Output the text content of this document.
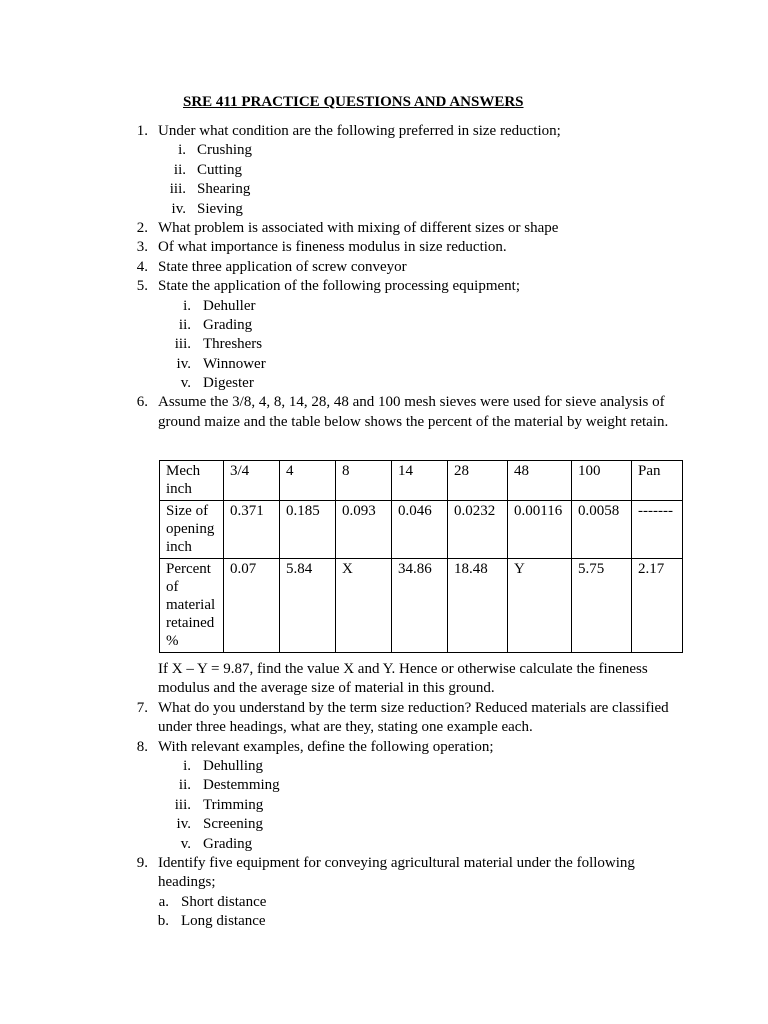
SRE 411 PRACTICE QUESTIONS AND ANSWERS
1. Under what condition are the following preferred in size reduction;
i. Crushing
ii. Cutting
iii. Shearing
iv. Sieving
2. What problem is associated with mixing of different sizes or shape
3. Of what importance is fineness modulus in size reduction.
4. State three application of screw conveyor
5. State the application of the following processing equipment;
i. Dehuller
ii. Grading
iii. Threshers
iv. Winnower
v. Digester
6. Assume the 3/8, 4, 8, 14, 28, 48 and 100 mesh sieves were used for sieve analysis of
ground maize and the table below shows the percent of the material by weight retain.
Mech inch	3/4	4	8	14	28	48	100	Pan

Size of opening inch	0.371	0.185	0.093	0.046	0.0232	0.00116	0.0058	-------

Percent of material retained %	0.07	5.84	X	34.86	18.48	Y	5.75	2.17
If X – Y = 9.87, find the value X and Y. Hence or otherwise calculate the fineness
modulus and the average size of material in this ground.
7. What do you understand by the term size reduction? Reduced materials are classified
under three headings, what are they, stating one example each.
8. With relevant examples, define the following operation;
i. Dehulling
ii. Destemming
iii. Trimming
iv. Screening
v. Grading
9. Identify five equipment for conveying agricultural material under the following
headings;
a. Short distance
b. Long distance
